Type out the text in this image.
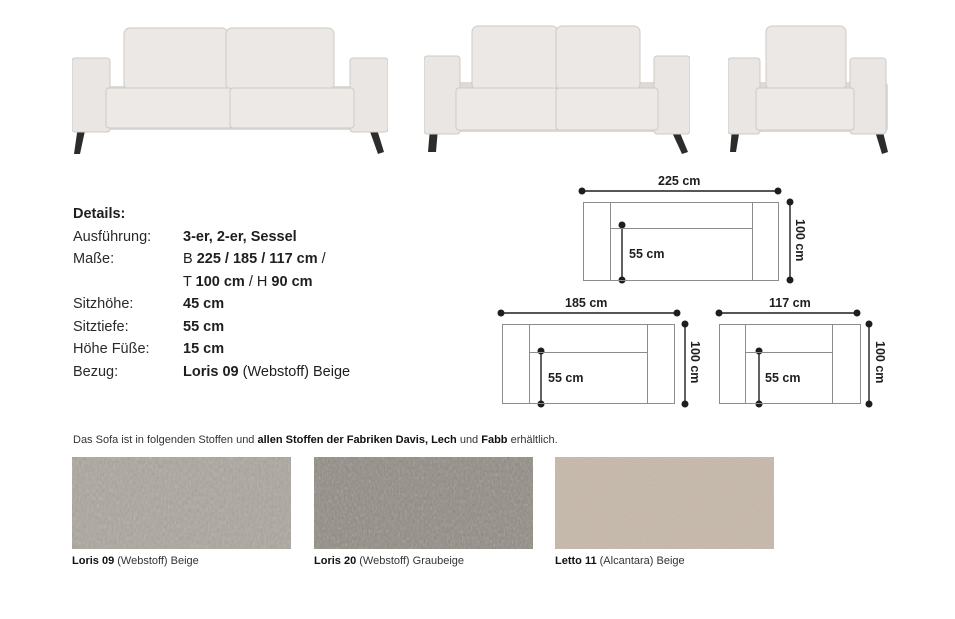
Details:
Ausführung:	3-er, 2-er, Sessel
Maße:	B 225 / 185 / 117 cm /
T 100 cm / H 90 cm
Sitzhöhe:	45 cm
Sitztiefe:	55 cm
Höhe Füße:	15 cm
Bezug:	Loris 09 (Webstoff) Beige
225 cm
100 cm
55 cm
185 cm
100 cm
55 cm
117 cm
100 cm
55 cm
Das Sofa ist in folgenden Stoffen und allen Stoffen der Fabriken Davis, Lech und Fabb erhältlich.
Loris 09 (Webstoff) Beige	Loris 20 (Webstoff) Graubeige	Letto 11 (Alcantara) Beige
